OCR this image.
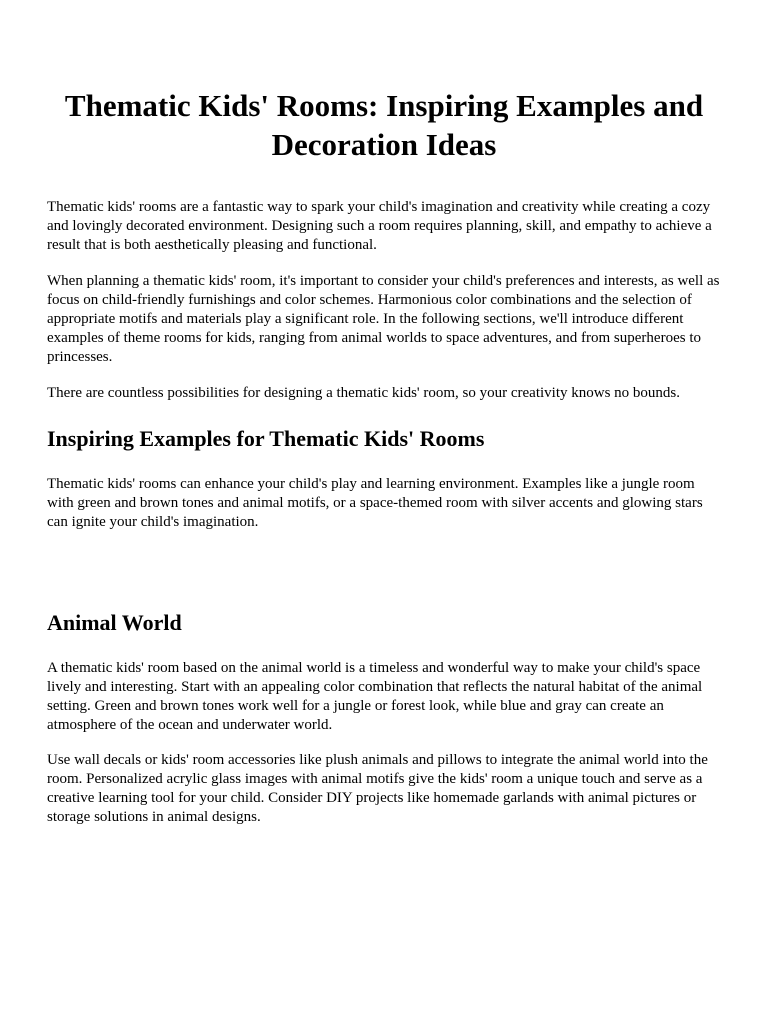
Thematic Kids' Rooms: Inspiring Examples and Decoration Ideas

Thematic kids' rooms are a fantastic way to spark your child's imagination and creativity while creating a cozy and lovingly decorated environment. Designing such a room requires planning, skill, and empathy to achieve a result that is both aesthetically pleasing and functional.

When planning a thematic kids' room, it's important to consider your child's preferences and interests, as well as focus on child-friendly furnishings and color schemes. Harmonious color combinations and the selection of appropriate motifs and materials play a significant role. In the following sections, we'll introduce different examples of theme rooms for kids, ranging from animal worlds to space adventures, and from superheroes to princesses.

There are countless possibilities for designing a thematic kids' room, so your creativity knows no bounds.

Inspiring Examples for Thematic Kids' Rooms

Thematic kids' rooms can enhance your child's play and learning environment. Examples like a jungle room with green and brown tones and animal motifs, or a space-themed room with silver accents and glowing stars can ignite your child's imagination.

Animal World

A thematic kids' room based on the animal world is a timeless and wonderful way to make your child's space lively and interesting. Start with an appealing color combination that reflects the natural habitat of the animal setting. Green and brown tones work well for a jungle or forest look, while blue and gray can create an atmosphere of the ocean and underwater world.

Use wall decals or kids' room accessories like plush animals and pillows to integrate the animal world into the room. Personalized acrylic glass images with animal motifs give the kids' room a unique touch and serve as a creative learning tool for your child. Consider DIY projects like homemade garlands with animal pictures or storage solutions in animal designs.
